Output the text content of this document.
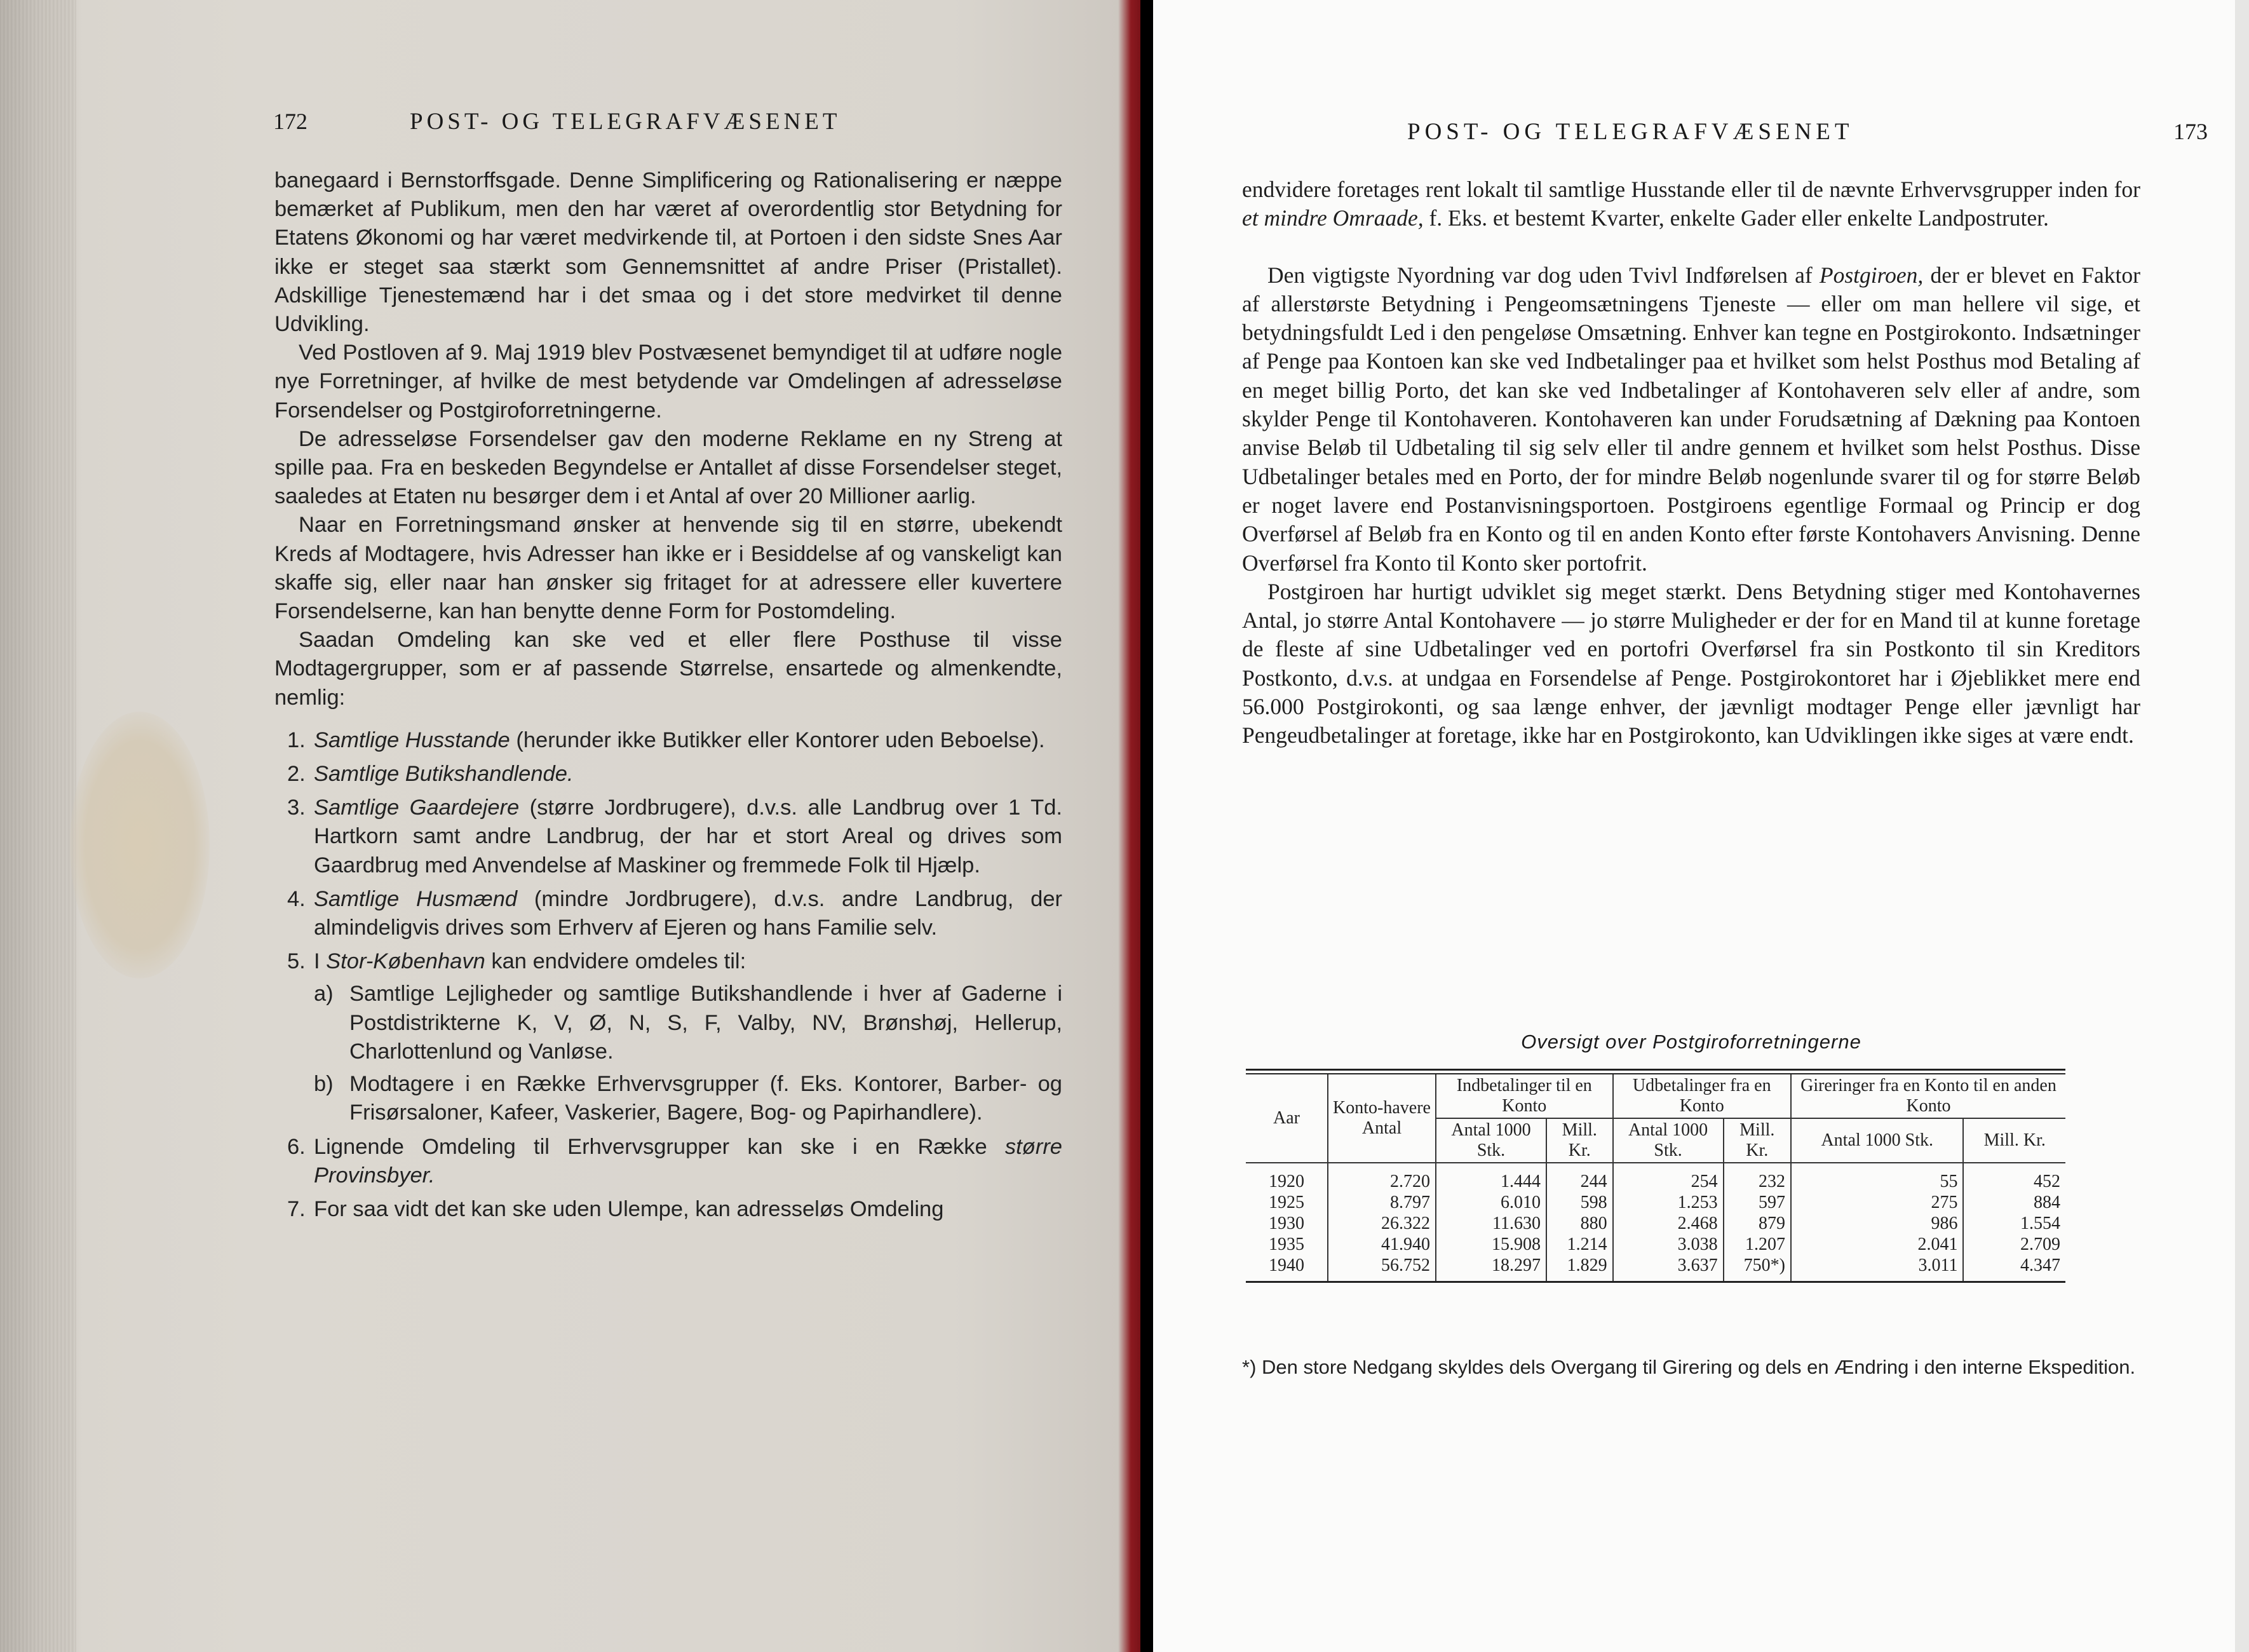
172	POST- OG TELEGRAFVÆSENET

banegaard i Bernstorffsgade. Denne Simplificering og Rationalisering er næppe bemærket af Publikum, men den har været af overordentlig stor Betydning for Etatens Økonomi og har været medvirkende til, at Portoen i den sidste Snes Aar ikke er steget saa stærkt som Gennemsnittet af andre Priser (Pristallet). Adskillige Tjenestemænd har i det smaa og i det store medvirket til denne Udvikling.

Ved Postloven af 9. Maj 1919 blev Postvæsenet bemyndiget til at udføre nogle nye Forretninger, af hvilke de mest betydende var Omdelingen af adresseløse Forsendelser og Postgiroforretningerne.

De adresseløse Forsendelser gav den moderne Reklame en ny Streng at spille paa. Fra en beskeden Begyndelse er Antallet af disse Forsendelser steget, saaledes at Etaten nu besørger dem i et Antal af over 20 Millioner aarlig.

Naar en Forretningsmand ønsker at henvende sig til en større, ubekendt Kreds af Modtagere, hvis Adresser han ikke er i Besiddelse af og vanskeligt kan skaffe sig, eller naar han ønsker sig fritaget for at adressere eller kuvertere Forsendelserne, kan han benytte denne Form for Postomdeling.

Saadan Omdeling kan ske ved et eller flere Posthuse til visse Modtagergrupper, som er af passende Størrelse, ensartede og almenkendte, nemlig:

1. Samtlige Husstande (herunder ikke Butikker eller Kontorer uden Beboelse).
2. Samtlige Butikshandlende.
3. Samtlige Gaardejere (større Jordbrugere), d.v.s. alle Landbrug over 1 Td. Hartkorn samt andre Landbrug, der har et stort Areal og drives som Gaardbrug med Anvendelse af Maskiner og fremmede Folk til Hjælp.
4. Samtlige Husmænd (mindre Jordbrugere), d.v.s. andre Landbrug, der almindeligvis drives som Erhverv af Ejeren og hans Familie selv.
5. I Stor-København kan endvidere omdeles til:
a) Samtlige Lejligheder og samtlige Butikshandlende i hver af Gaderne i Postdistrikterne K, V, Ø, N, S, F, Valby, NV, Brønshøj, Hellerup, Charlottenlund og Vanløse.
b) Modtagere i en Række Erhvervsgrupper (f. Eks. Kontorer, Barber- og Frisørsaloner, Kafeer, Vaskerier, Bagere, Bog- og Papirhandlere).
6. Lignende Omdeling til Erhvervsgrupper kan ske i en Række større Provinsbyer.
7. For saa vidt det kan ske uden Ulempe, kan adresseløs Omdeling
POST- OG TELEGRAFVÆSENET	173

endvidere foretages rent lokalt til samtlige Husstande eller til de nævnte Erhvervsgrupper inden for et mindre Omraade, f. Eks. et bestemt Kvarter, enkelte Gader eller enkelte Landpostruter.

Den vigtigste Nyordning var dog uden Tvivl Indførelsen af Postgiroen, der er blevet en Faktor af allerstørste Betydning i Pengeomsætningens Tjeneste — eller om man hellere vil sige, et betydningsfuldt Led i den pengeløse Omsætning. Enhver kan tegne en Postgirokonto. Indsætninger af Penge paa Kontoen kan ske ved Indbetalinger paa et hvilket som helst Posthus mod Betaling af en meget billig Porto, det kan ske ved Indbetalinger af Kontohaveren selv eller af andre, som skylder Penge til Kontohaveren. Kontohaveren kan under Forudsætning af Dækning paa Kontoen anvise Beløb til Udbetaling til sig selv eller til andre gennem et hvilket som helst Posthus. Disse Udbetalinger betales med en Porto, der for mindre Beløb nogenlunde svarer til og for større Beløb er noget lavere end Postanvisningsportoen. Postgiroens egentlige Formaal og Princip er dog Overførsel af Beløb fra en Konto og til en anden Konto efter første Kontohavers Anvisning. Denne Overførsel fra Konto til Konto sker portofrit.

Postgiroen har hurtigt udviklet sig meget stærkt. Dens Betydning stiger med Kontohavernes Antal, jo større Antal Kontohavere — jo større Muligheder er der for en Mand til at kunne foretage de fleste af sine Udbetalinger ved en portofri Overførsel fra sin Postkonto til sin Kreditors Postkonto, d.v.s. at undgaa en Forsendelse af Penge. Postgirokontoret har i Øjeblikket mere end 56.000 Postgirokonti, og saa længe enhver, der jævnligt modtager Penge eller jævnligt har Pengeudbetalinger at foretage, ikke har en Postgirokonto, kan Udviklingen ikke siges at være endt.

Oversigt over Postgiroforretningerne
Aar	Konto-havere Antal	Indbetalinger til en Konto		Udbetalinger fra en Konto		Gireringer fra en Konto til en anden Konto	
		Antal 1000 Stk.	Mill. Kr.	Antal 1000 Stk.	Mill. Kr.	Antal 1000 Stk.	Mill. Kr.
1920	2.720	1.444	244	254	232	55	452
1925	8.797	6.010	598	1.253	597	275	884
1930	26.322	11.630	880	2.468	879	986	1.554
1935	41.940	15.908	1.214	3.038	1.207	2.041	2.709
1940	56.752	18.297	1.829	3.637	750*)	3.011	4.347
*) Den store Nedgang skyldes dels Overgang til Girering og dels en Ændring i den interne Ekspedition.
